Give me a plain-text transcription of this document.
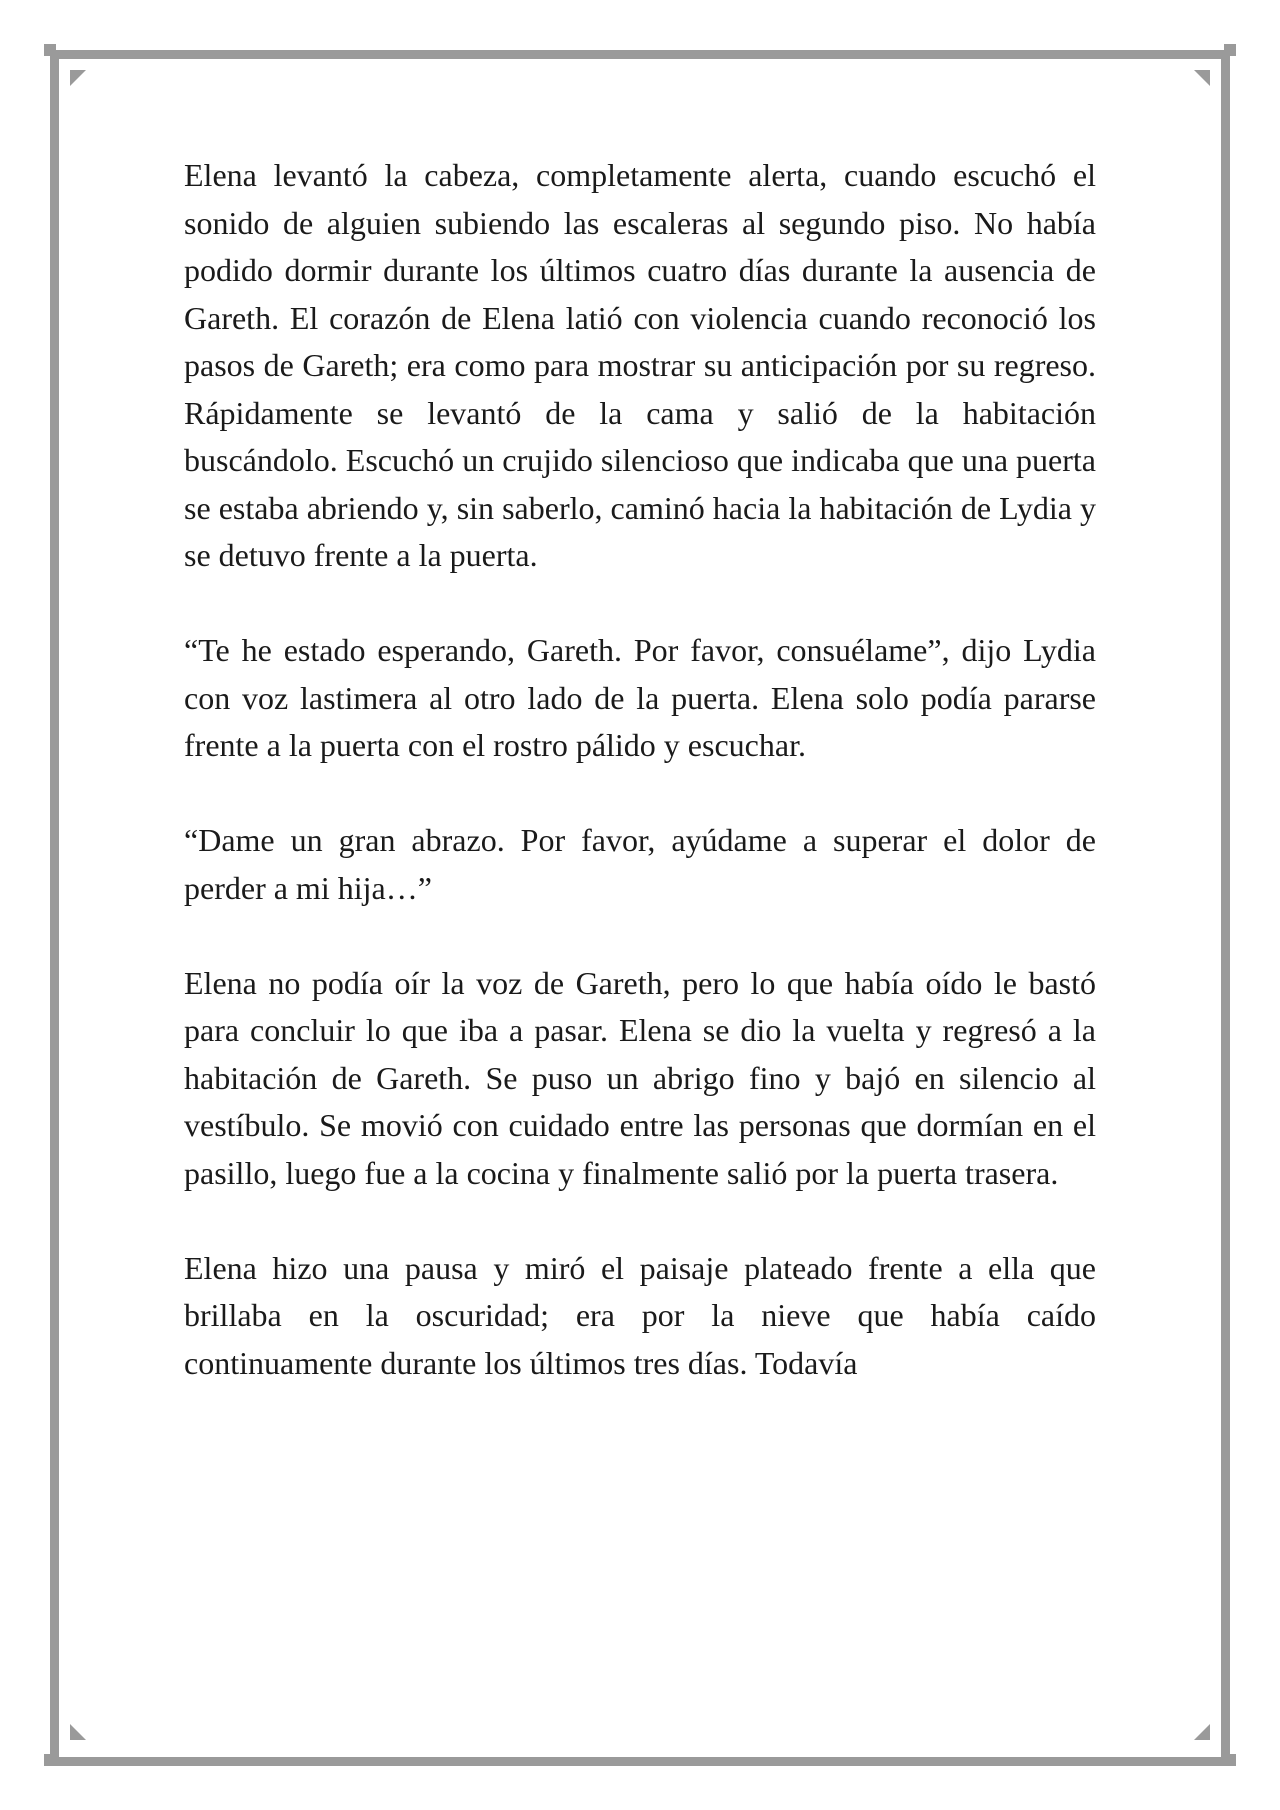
Elena levantó la cabeza, completamente alerta, cuando escuchó el sonido de alguien subiendo las escaleras al segundo piso. No había podido dormir durante los últimos cuatro días durante la ausencia de Gareth. El corazón de Elena latió con violencia cuando reconoció los pasos de Gareth; era como para mostrar su anticipación por su regreso. Rápidamente se levantó de la cama y salió de la habitación buscándolo. Escuchó un crujido silencioso que indicaba que una puerta se estaba abriendo y, sin saberlo, caminó hacia la habitación de Lydia y se detuvo frente a la puerta.

“Te he estado esperando, Gareth. Por favor, consuélame”, dijo Lydia con voz lastimera al otro lado de la puerta. Elena solo podía pararse frente a la puerta con el rostro pálido y escuchar.

“Dame un gran abrazo. Por favor, ayúdame a superar el dolor de perder a mi hija…”

Elena no podía oír la voz de Gareth, pero lo que había oído le bastó para concluir lo que iba a pasar. Elena se dio la vuelta y regresó a la habitación de Gareth. Se puso un abrigo fino y bajó en silencio al vestíbulo. Se movió con cuidado entre las personas que dormían en el pasillo, luego fue a la cocina y finalmente salió por la puerta trasera.

Elena hizo una pausa y miró el paisaje plateado frente a ella que brillaba en la oscuridad; era por la nieve que había caído continuamente durante los últimos tres días. Todavía
